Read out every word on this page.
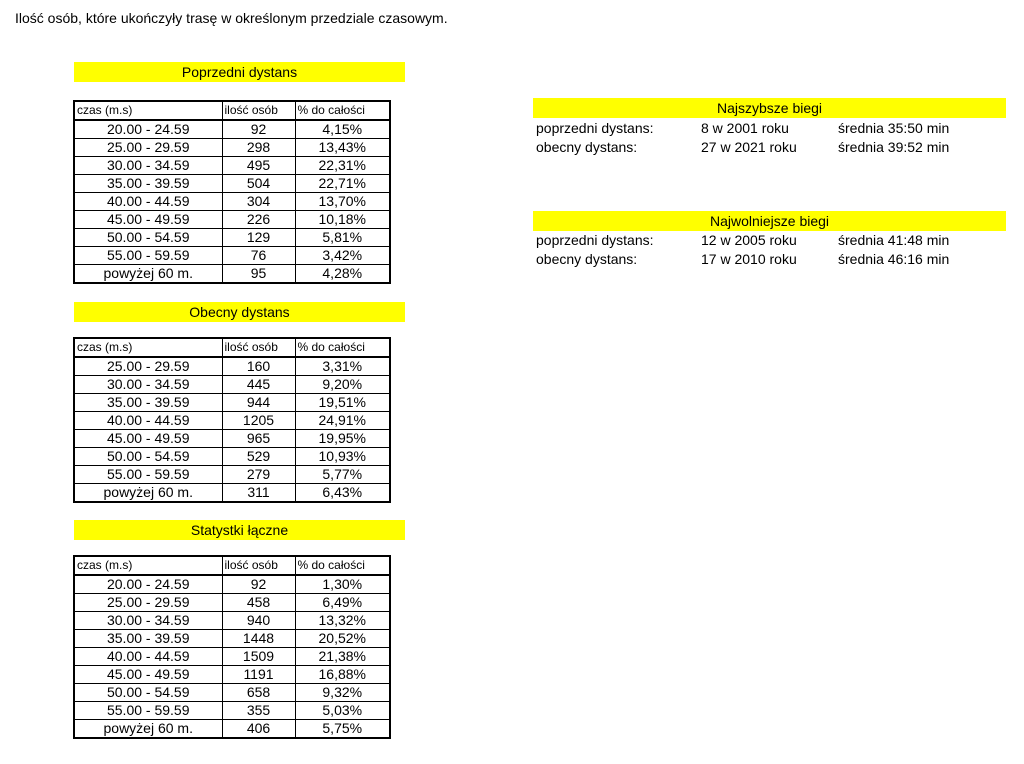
Ilość osób, które ukończyły trasę w określonym przedziale czasowym.
Poprzedni dystans
czas (m.s)	ilość osób	% do całości
20.00 - 24.59	92	4,15%
25.00 - 29.59	298	13,43%
30.00 - 34.59	495	22,31%
35.00 - 39.59	504	22,71%
40.00 - 44.59	304	13,70%
45.00 - 49.59	226	10,18%
50.00 - 54.59	129	5,81%
55.00 - 59.59	76	3,42%
powyżej 60 m.	95	4,28%
Obecny dystans
czas (m.s)	ilość osób	% do całości
25.00 - 29.59	160	3,31%
30.00 - 34.59	445	9,20%
35.00 - 39.59	944	19,51%
40.00 - 44.59	1205	24,91%
45.00 - 49.59	965	19,95%
50.00 - 54.59	529	10,93%
55.00 - 59.59	279	5,77%
powyżej 60 m.	311	6,43%
Statystki łączne
czas (m.s)	ilość osób	% do całości
20.00 - 24.59	92	1,30%
25.00 - 29.59	458	6,49%
30.00 - 34.59	940	13,32%
35.00 - 39.59	1448	20,52%
40.00 - 44.59	1509	21,38%
45.00 - 49.59	1191	16,88%
50.00 - 54.59	658	9,32%
55.00 - 59.59	355	5,03%
powyżej 60 m.	406	5,75%
Najszybsze biegi
poprzedni dystans:	8 w 2001 roku	średnia 35:50 min
obecny dystans:	27 w 2021 roku	średnia 39:52 min
Najwolniejsze biegi
poprzedni dystans:	12 w 2005 roku	średnia 41:48 min
obecny dystans:	17 w 2010 roku	średnia 46:16 min
